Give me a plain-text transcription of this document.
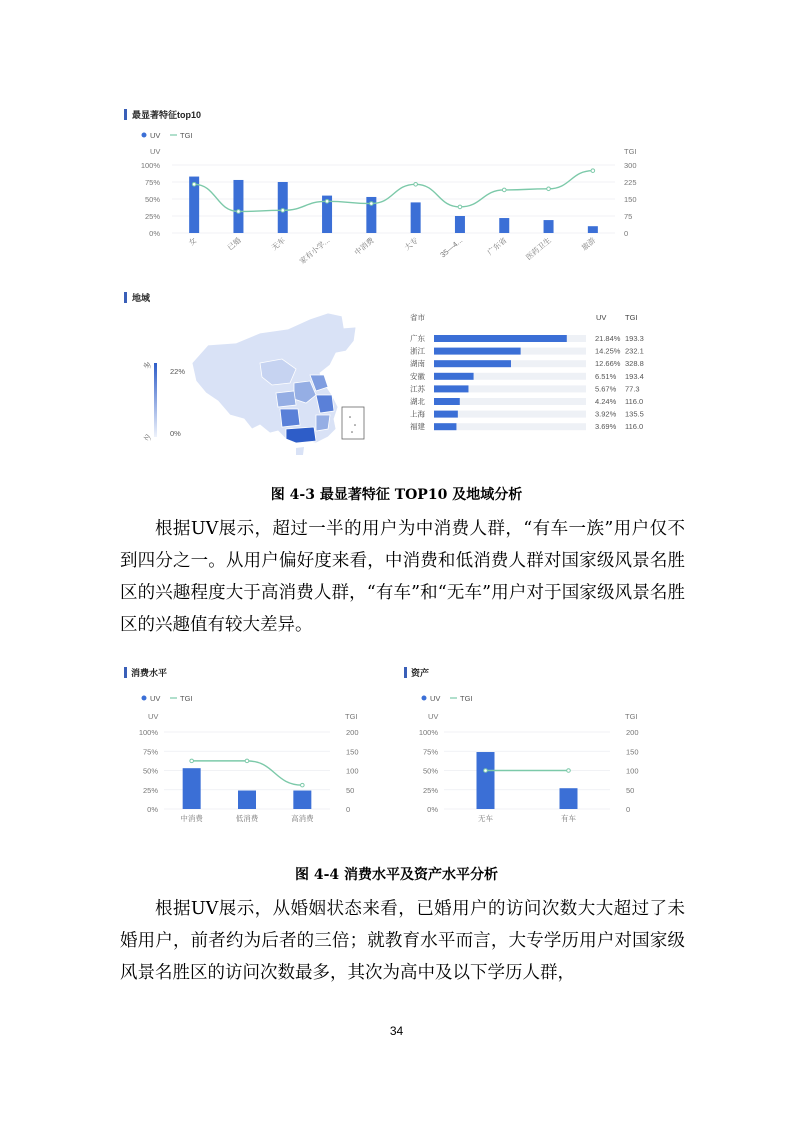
最显著特征top10
UV	TGI
UV	TGI
100%	300
75%	225
50%	150
25%	75
0%	0
女	已婚	无车 家有小学...	中消费	大专 35—4...	广东省 医药卫生	旅游
地域
多
少
22%
0%
省市	UV TGI
广东	21.84% 193.3
浙江	14.25% 232.1
湖南	12.66% 328.8
安徽	6.51% 193.4
江苏	5.67% 77.3
湖北	4.24% 116.0
上海	3.92% 135.5
福建	3.69% 116.0
图 4-3 最显著特征 TOP10 及地域分析

根据UV展示，超过一半的用户为中消费人群，“有车一族”用户仅不到四分之一。从用户偏好度来看，中消费和低消费人群对国家级风景名胜区的兴趣程度大于高消费人群，“有车”和“无车”用户对于国家级风景名胜区的兴趣值有较大差异。

消费水平
UV	TGI
UV	TGI
100%	200
75%	150
50%	100
25%	50
0%	0
中消费	低消费	高消费
资产
UV	TGI
UV	TGI
100%	200
75%	150
50%	100
25%	50
0%	0
无车	有车
图 4-4 消费水平及资产水平分析

根据UV展示，从婚姻状态来看，已婚用户的访问次数大大超过了未婚用户，前者约为后者的三倍；就教育水平而言，大专学历用户对国家级风景名胜区的访问次数最多，其次为高中及以下学历人群，

34
